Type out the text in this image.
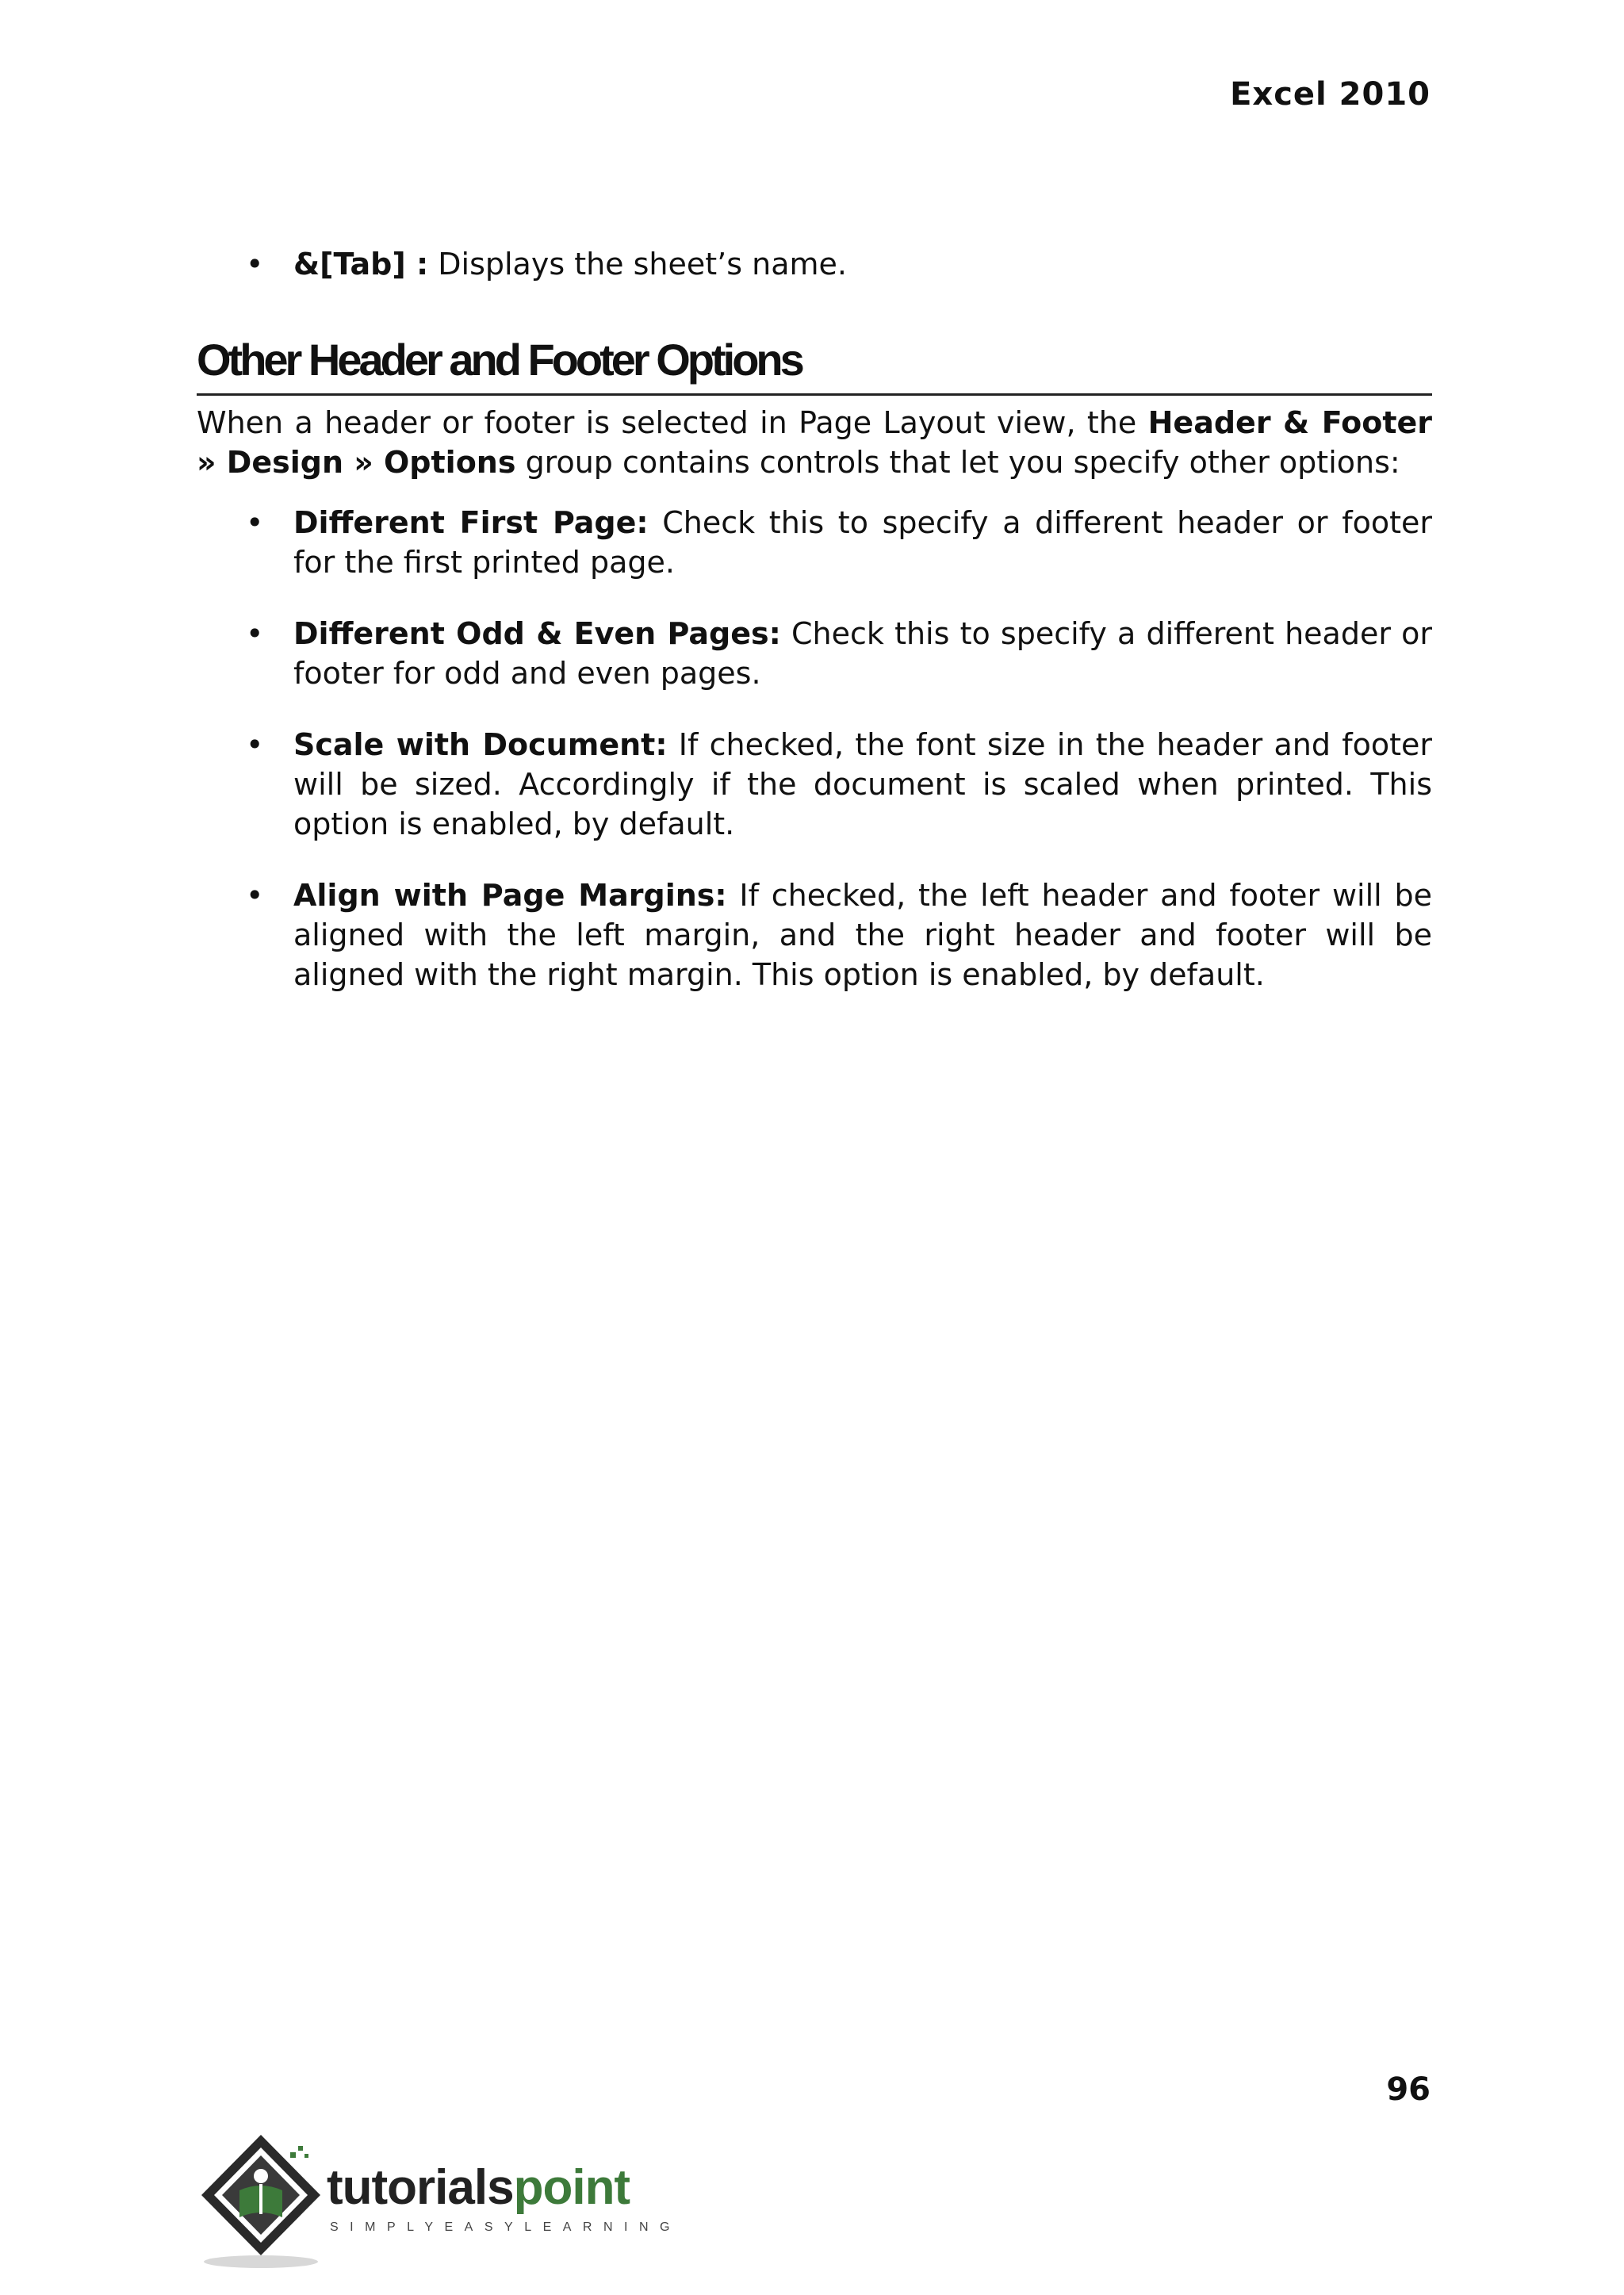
Excel 2010
• &[Tab] : Displays the sheet’s name.
Other Header and Footer Options

When a header or footer is selected in Page Layout view, the Header & Footer » Design » Options group contains controls that let you specify other options:

• Different First Page: Check this to specify a different header or footer for the first printed page.
• Different Odd & Even Pages: Check this to specify a different header or footer for odd and even pages.
• Scale with Document: If checked, the font size in the header and footer will be sized. Accordingly if the document is scaled when printed. This option is enabled, by default.
• Align with Page Margins: If checked, the left header and footer will be aligned with the left margin, and the right header and footer will be aligned with the right margin. This option is enabled, by default.
96
tutorialspoint
SIMPLYEASYLEARNING
